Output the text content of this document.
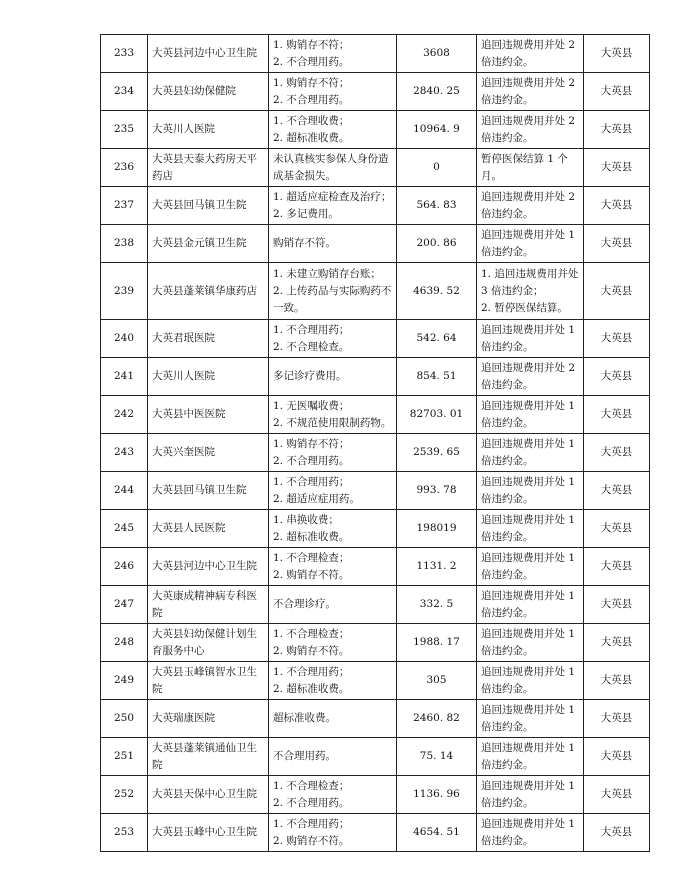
233	大英县河边中心卫生院	1. 购销存不符；
2. 不合理用药。	3608	追回违规费用并处 2
倍违约金。	大英县
234	大英县妇幼保健院	1. 购销存不符；
2. 不合理用药。	2840. 25	追回违规费用并处 2
倍违约金。	大英县
235	大英川人医院	1. 不合理收费；
2. 超标准收费。	10964. 9	追回违规费用并处 2
倍违约金。	大英县
236	大英县天泰大药房天平
药店	未认真核实参保人身份造
成基金损失。	0	暂停医保结算 1 个
月。	大英县
237	大英县回马镇卫生院	1. 超适应症检查及治疗；
2. 多记费用。	564. 83	追回违规费用并处 2
倍违约金。	大英县
238	大英县金元镇卫生院	购销存不符。	200. 86	追回违规费用并处 1
倍违约金。	大英县
239	大英县蓬莱镇华康药店	1. 未建立购销存台账；
2. 上传药品与实际购药不
一致。	4639. 52	1. 追回违规费用并处
3 倍违约金；
2. 暂停医保结算。	大英县
240	大英君珉医院	1. 不合理用药；
2. 不合理检查。	542. 64	追回违规费用并处 1
倍违约金。	大英县
241	大英川人医院	多记诊疗费用。	854. 51	追回违规费用并处 2
倍违约金。	大英县
242	大英县中医医院	1. 无医嘱收费；
2. 不规范使用限制药物。	82703. 01	追回违规费用并处 1
倍违约金。	大英县
243	大英兴奎医院	1. 购销存不符；
2. 不合理用药。	2539. 65	追回违规费用并处 1
倍违约金。	大英县
244	大英县回马镇卫生院	1. 不合理用药；
2. 超适应症用药。	993. 78	追回违规费用并处 1
倍违约金。	大英县
245	大英县人民医院	1. 串换收费；
2. 超标准收费。	198019	追回违规费用并处 1
倍违约金。	大英县
246	大英县河边中心卫生院	1. 不合理检查；
2. 购销存不符。	1131. 2	追回违规费用并处 1
倍违约金。	大英县
247	大英康成精神病专科医
院	不合理诊疗。	332. 5	追回违规费用并处 1
倍违约金。	大英县
248	大英县妇幼保健计划生
育服务中心	1. 不合理检查；
2. 购销存不符。	1988. 17	追回违规费用并处 1
倍违约金。	大英县
249	大英县玉峰镇智水卫生
院	1. 不合理用药；
2. 超标准收费。	305	追回违规费用并处 1
倍违约金。	大英县
250	大英瑞康医院	超标准收费。	2460. 82	追回违规费用并处 1
倍违约金。	大英县
251	大英县蓬莱镇通仙卫生
院	不合理用药。	75. 14	追回违规费用并处 1
倍违约金。	大英县
252	大英县天保中心卫生院	1. 不合理检查；
2. 不合理用药。	1136. 96	追回违规费用并处 1
倍违约金。	大英县
253	大英县玉峰中心卫生院	1. 不合理用药；
2. 购销存不符。	4654. 51	追回违规费用并处 1
倍违约金。	大英县
